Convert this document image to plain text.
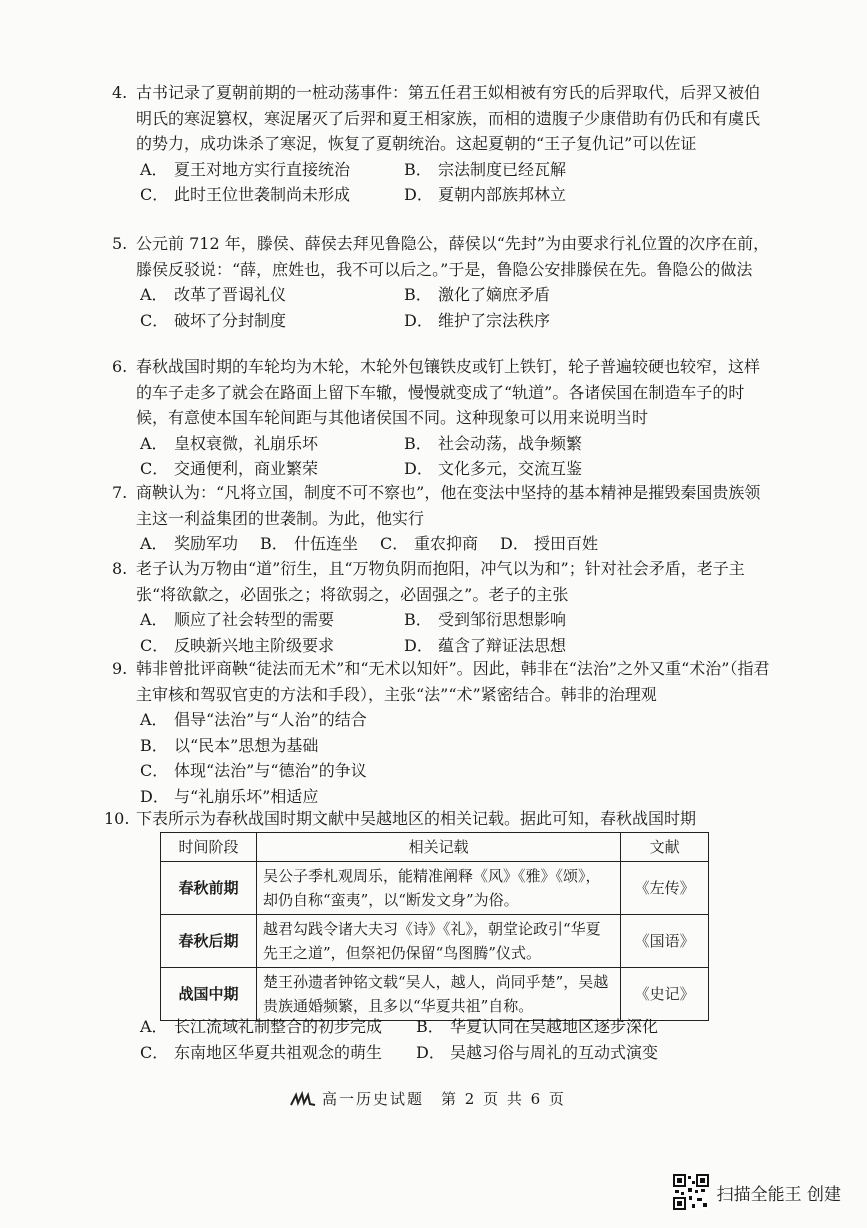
4. 古书记录了夏朝前期的一桩动荡事件：第五任君王姒相被有穷氏的后羿取代，后羿又被伯明氏的寒浞篡权，寒浞屠灭了后羿和夏王相家族，而相的遗腹子少康借助有仍氏和有虞氏的势力，成功诛杀了寒浞，恢复了夏朝统治。这起夏朝的“王子复仇记”可以佐证

A． 夏王对地方实行直接统治	B． 宗法制度已经瓦解
C． 此时王位世袭制尚未形成	D． 夏朝内部族邦林立

5. 公元前 712 年，滕侯、薛侯去拜见鲁隐公，薛侯以“先封”为由要求行礼位置的次序在前，滕侯反驳说：“薛，庶姓也，我不可以后之。”于是，鲁隐公安排滕侯在先。鲁隐公的做法

A． 改革了晋谒礼仪	B． 激化了嫡庶矛盾
C． 破坏了分封制度	D． 维护了宗法秩序

6. 春秋战国时期的车轮均为木轮，木轮外包镶铁皮或钉上铁钉，轮子普遍较硬也较窄，这样的车子走多了就会在路面上留下车辙，慢慢就变成了“轨道”。各诸侯国在制造车子的时候，有意使本国车轮间距与其他诸侯国不同。这种现象可以用来说明当时

A． 皇权衰微，礼崩乐坏	B． 社会动荡，战争频繁
C． 交通便利，商业繁荣	D． 文化多元，交流互鉴

7. 商鞅认为：“凡将立国，制度不可不察也”，他在变法中坚持的基本精神是摧毁秦国贵族领主这一利益集团的世袭制。为此，他实行

A． 奖励军功 B． 什伍连坐 C． 重农抑商 D． 授田百姓

8. 老子认为万物由“道”衍生，且“万物负阴而抱阳，冲气以为和”；针对社会矛盾，老子主张“将欲歙之，必固张之；将欲弱之，必固强之”。老子的主张

A． 顺应了社会转型的需要	B． 受到邹衍思想影响
C． 反映新兴地主阶级要求	D． 蕴含了辩证法思想

9. 韩非曾批评商鞅“徒法而无术”和“无术以知奸”。因此，韩非在“法治”之外又重“术治”（指君主审核和驾驭官吏的方法和手段），主张“法”“术”紧密结合。韩非的治理观

A． 倡导“法治”与“人治”的结合
B． 以“民本”思想为基础
C． 体现“法治”与“德治”的争议
D． 与“礼崩乐坏”相适应

10. 下表所示为春秋战国时期文献中吴越地区的相关记载。据此可知，春秋战国时期

时间阶段	相关记载	文献
春秋前期	吴公子季札观周乐，能精准阐释《风》《雅》《颂》，却仍自称“蛮夷”，以“断发文身”为俗。	《左传》
春秋后期	越君勾践令诸大夫习《诗》《礼》，朝堂论政引“华夏先王之道”，但祭祀仍保留“鸟图腾”仪式。	《国语》
战国中期	楚王孙遗者钟铭文载“吴人，越人，尚同乎楚”，吴越贵族通婚频繁，且多以“华夏共祖”自称。	《史记》
A． 长江流域礼制整合的初步完成	B． 华夏认同在吴越地区逐步深化
C． 东南地区华夏共祖观念的萌生	D． 吴越习俗与周礼的互动式演变
高一历史试题　第 2 页 共 6 页
扫描全能王 创建
